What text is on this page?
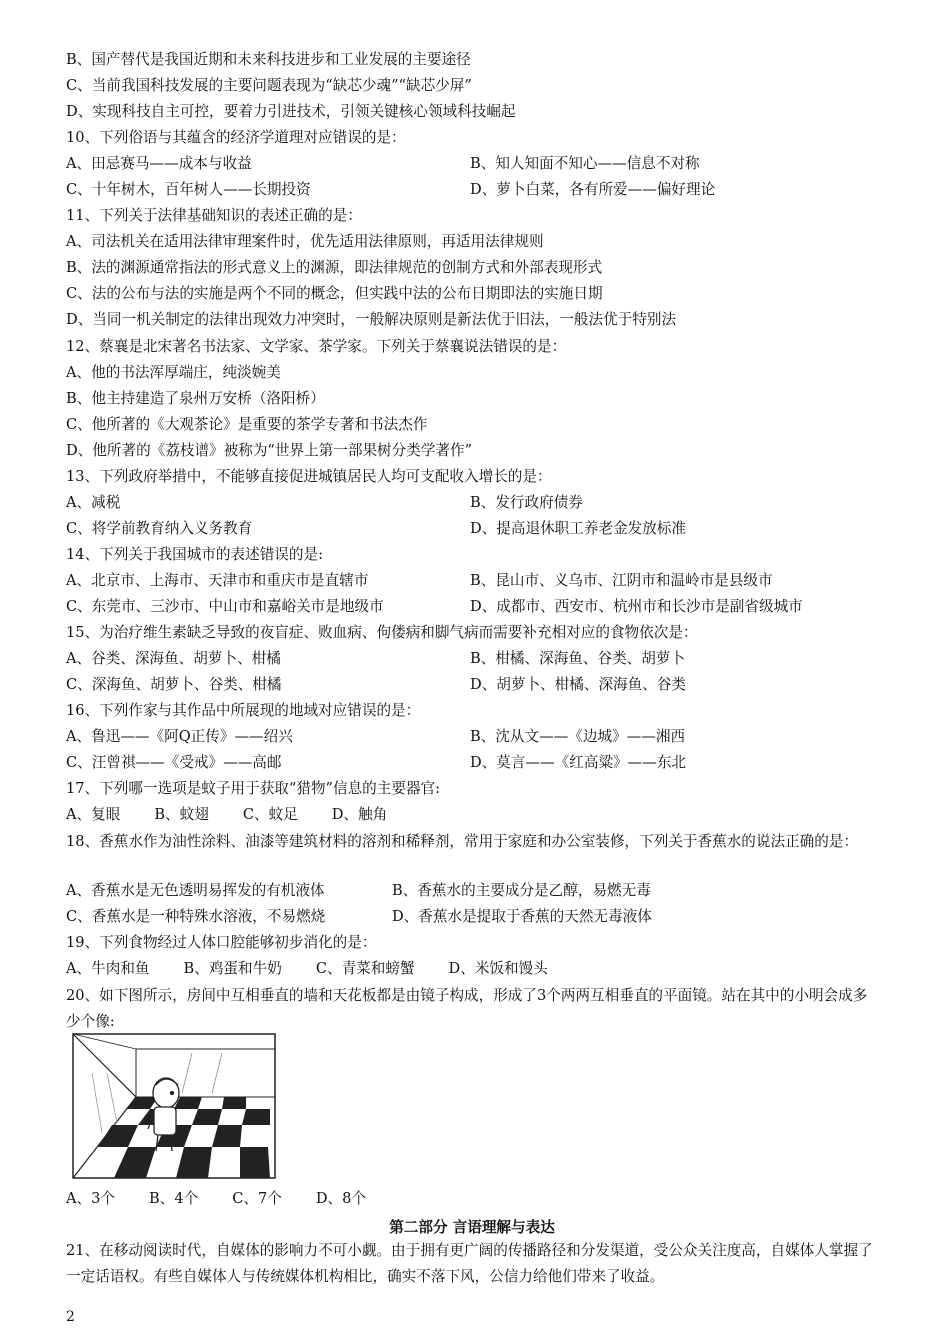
B、国产替代是我国近期和未来科技进步和工业发展的主要途径
C、当前我国科技发展的主要问题表现为“缺芯少魂”“缺芯少屏”
D、实现科技自主可控，要着力引进技术，引领关键核心领域科技崛起
10、下列俗语与其蕴含的经济学道理对应错误的是：
A、田忌赛马——成本与收益	B、知人知面不知心——信息不对称
C、十年树木，百年树人——长期投资	D、萝卜白菜，各有所爱——偏好理论
11、下列关于法律基础知识的表述正确的是：
A、司法机关在适用法律审理案件时，优先适用法律原则，再适用法律规则
B、法的渊源通常指法的形式意义上的渊源，即法律规范的创制方式和外部表现形式
C、法的公布与法的实施是两个不同的概念，但实践中法的公布日期即法的实施日期
D、当同一机关制定的法律出现效力冲突时，一般解决原则是新法优于旧法，一般法优于特别法
12、蔡襄是北宋著名书法家、文学家、茶学家。下列关于蔡襄说法错误的是：
A、他的书法浑厚端庄，纯淡婉美
B、他主持建造了泉州万安桥（洛阳桥）
C、他所著的《大观茶论》是重要的茶学专著和书法杰作
D、他所著的《荔枝谱》被称为“世界上第一部果树分类学著作”
13、下列政府举措中，不能够直接促进城镇居民人均可支配收入增长的是：
A、减税	B、发行政府债券
C、将学前教育纳入义务教育	D、提高退休职工养老金发放标准
14、下列关于我国城市的表述错误的是:
A、北京市、上海市、天津市和重庆市是直辖市	B、昆山市、义乌市、江阴市和温岭市是县级市
C、东莞市、三沙市、中山市和嘉峪关市是地级市	D、成都市、西安市、杭州市和长沙市是副省级城市
15、为治疗维生素缺乏导致的夜盲症、败血病、佝偻病和脚气病而需要补充相对应的食物依次是：
A、谷类、深海鱼、胡萝卜、柑橘	B、柑橘、深海鱼、谷类、胡萝卜
C、深海鱼、胡萝卜、谷类、柑橘	D、胡萝卜、柑橘、深海鱼、谷类
16、下列作家与其作品中所展现的地域对应错误的是：
A、鲁迅——《阿Q正传》——绍兴	B、沈从文——《边城》——湘西
C、汪曾祺——《受戒》——高邮	D、莫言——《红高粱》——东北
17、下列哪一选项是蚊子用于获取“猎物”信息的主要器官:
A、复眼 B、蚊翅 C、蚊足 D、触角
18、香蕉水作为油性涂料、油漆等建筑材料的溶剂和稀释剂，常用于家庭和办公室装修，下列关于香蕉水的说法正确的是：
A、香蕉水是无色透明易挥发的有机液体	B、香蕉水的主要成分是乙醇，易燃无毒
C、香蕉水是一种特殊水溶液，不易燃烧	D、香蕉水是提取于香蕉的天然无毒液体
19、下列食物经过人体口腔能够初步消化的是：
A、牛肉和鱼 B、鸡蛋和牛奶 C、青菜和螃蟹 D、米饭和馒头
20、如下图所示，房间中互相垂直的墙和天花板都是由镜子构成，形成了3个两两互相垂直的平面镜。站在其中的小明会成多少个像:
A、3个 B、4个 C、7个 D、8个
第二部分 言语理解与表达
21、在移动阅读时代，自媒体的影响力不可小觑。由于拥有更广阔的传播路径和分发渠道，受公众关注度高，自媒体人掌握了一定话语权。有些自媒体人与传统媒体机构相比，确实不落下风，公信力给他们带来了收益。
2
